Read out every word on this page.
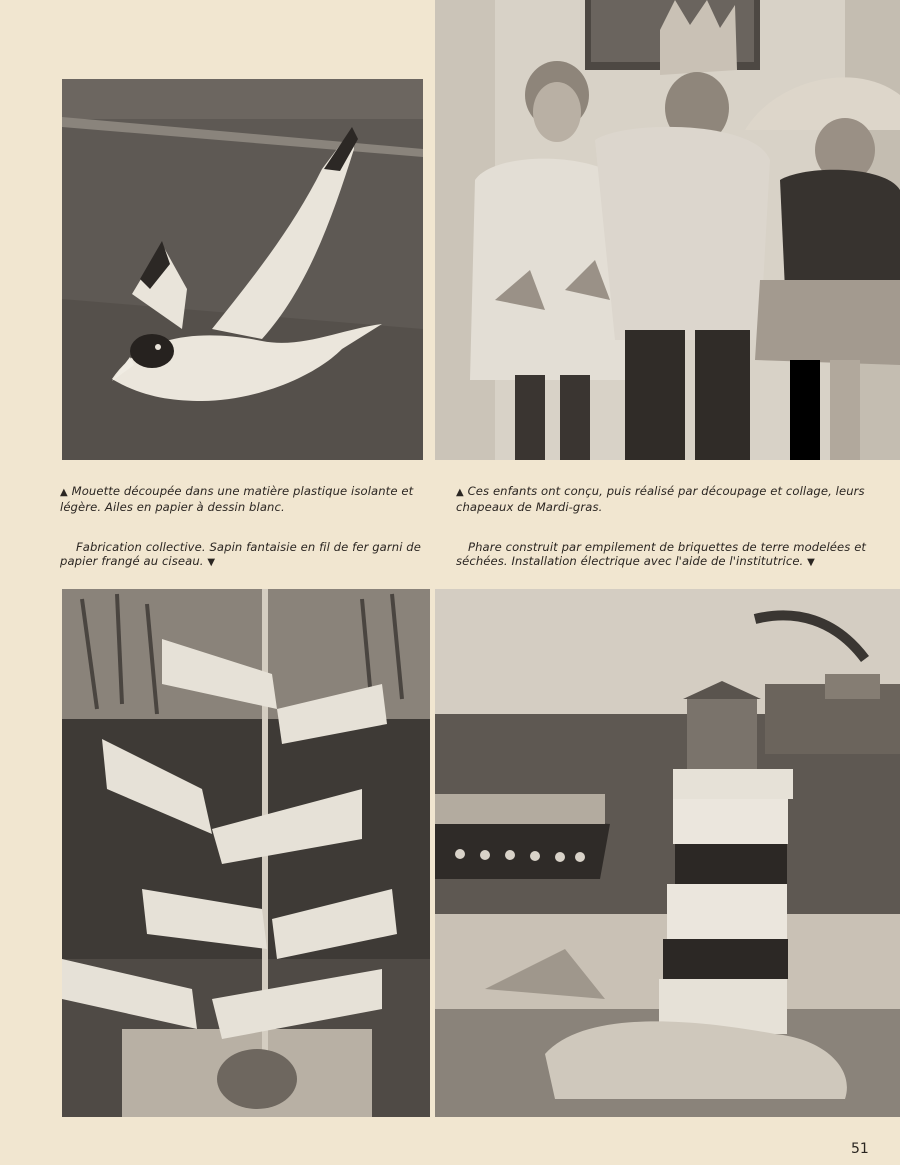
▲ Mouette découpée dans une matière plastique isolante et légère. Ailes en papier à dessin blanc.
▲ Ces enfants ont conçu, puis réalisé par découpage et collage, leurs chapeaux de Mardi-gras.
Fabrication collective. Sapin fantaisie en fil de fer garni de papier frangé au ciseau. ▼
Phare construit par empilement de briquettes de terre modelées et séchées. Installation électrique avec l'aide de l'institutrice. ▼
51
